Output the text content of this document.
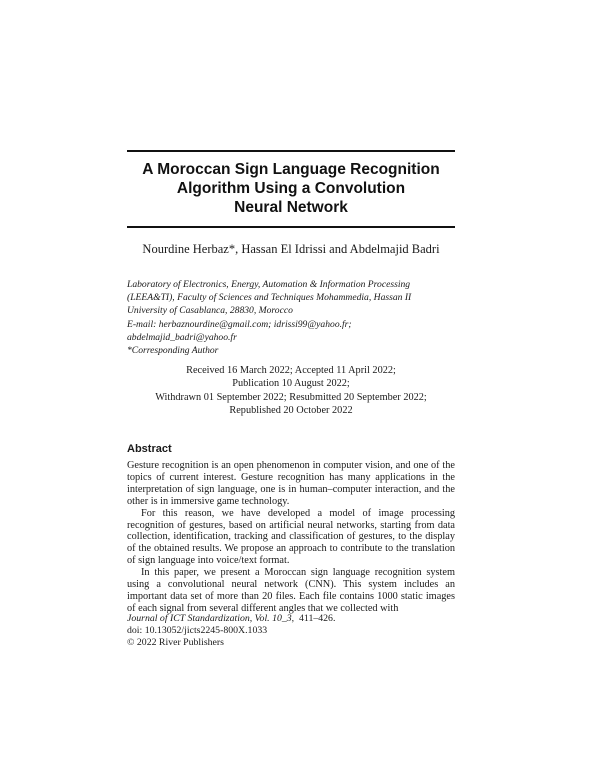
A Moroccan Sign Language Recognition
Algorithm Using a Convolution
Neural Network
Nourdine Herbaz*, Hassan El Idrissi and Abdelmajid Badri
Laboratory of Electronics, Energy, Automation & Information Processing
(LEEA&TI), Faculty of Sciences and Techniques Mohammedia, Hassan II
University of Casablanca, 28830, Morocco
E-mail: herbaznourdine@gmail.com; idrissi99@yahoo.fr;
abdelmajid_badri@yahoo.fr
*Corresponding Author
Received 16 March 2022; Accepted 11 April 2022;
Publication 10 August 2022;
Withdrawn 01 September 2022; Resubmitted 20 September 2022;
Republished 20 October 2022
Abstract

Gesture recognition is an open phenomenon in computer vision, and one of the topics of current interest. Gesture recognition has many applications in the interpretation of sign language, one is in human–computer interaction, and the other is in immersive game technology.

For this reason, we have developed a model of image processing recognition of gestures, based on artificial neural networks, starting from data collection, identification, tracking and classification of gestures, to the display of the obtained results. We propose an approach to contribute to the translation of sign language into voice/text format.

In this paper, we present a Moroccan sign language recognition system using a convolutional neural network (CNN). This system includes an important data set of more than 20 files. Each file contains 1000 static images of each signal from several different angles that we collected with

Journal of ICT Standardization, Vol. 10_3, 411–426.
doi: 10.13052/jicts2245-800X.1033
© 2022 River Publishers
